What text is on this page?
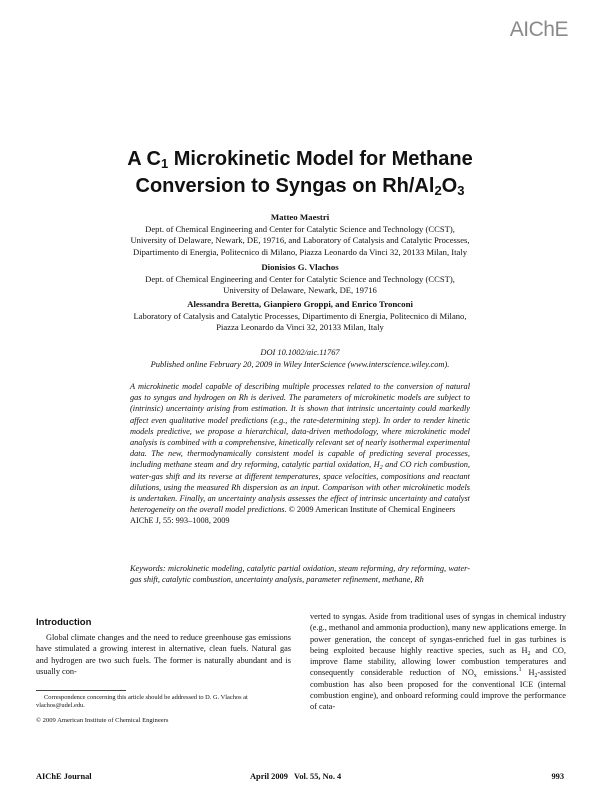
AIChE
A $C_1$ Microkinetic Model for Methane
Conversion to Syngas on $Rh/Al_2O_3$
Matteo Maestri
Dept. of Chemical Engineering and Center for Catalytic Science and Technology (CCST),
University of Delaware, Newark, DE, 19716, and Laboratory of Catalysis and Catalytic Processes,
Dipartimento di Energia, Politecnico di Milano, Piazza Leonardo da Vinci 32, 20133 Milan, Italy
Dionisios G. Vlachos
Dept. of Chemical Engineering and Center for Catalytic Science and Technology (CCST),
University of Delaware, Newark, DE, 19716
Alessandra Beretta, Gianpiero Groppi, and Enrico Tronconi
Laboratory of Catalysis and Catalytic Processes, Dipartimento di Energia, Politecnico di Milano,
Piazza Leonardo da Vinci 32, 20133 Milan, Italy
DOI 10.1002/aic.11767
Published online February 20, 2009 in Wiley InterScience (www.interscience.wiley.com).
A microkinetic model capable of describing multiple processes related to the conversion of natural gas to syngas and hydrogen on Rh is derived. The parameters of microkinetic models are subject to (intrinsic) uncertainty arising from estimation. It is shown that intrinsic uncertainty could markedly affect even qualitative model predictions (e.g., the rate-determining step). In order to render kinetic models predictive, we propose a hierarchical, data-driven methodology, where microkinetic model analysis is combined with a comprehensive, kinetically relevant set of nearly isothermal experimental data. The new, thermodynamically consistent model is capable of predicting several processes, including methane steam and dry reforming, catalytic partial oxidation, $H_2$ and CO rich combustion, water-gas shift and its reverse at different temperatures, space velocities, compositions and reactant dilutions, using the measured Rh dispersion as an input. Comparison with other microkinetic models is undertaken. Finally, an uncertainty analysis assesses the effect of intrinsic uncertainty and catalyst heterogeneity on the overall model predictions. © 2009 American Institute of Chemical Engineers
AIChE J, 55: 993–1008, 2009
Keywords: microkinetic modeling, catalytic partial oxidation, steam reforming, dry reforming, water-gas shift, catalytic combustion, uncertainty analysis, parameter refinement, methane, Rh
Introduction
Global climate changes and the need to reduce greenhouse gas emissions have stimulated a growing interest in alternative, clean fuels. Natural gas and hydrogen are two such fuels. The former is naturally abundant and is usually con-
verted to syngas. Aside from traditional uses of syngas in chemical industry (e.g., methanol and ammonia production), many new applications emerge. In power generation, the concept of syngas-enriched fuel in gas turbines is being exploited because highly reactive species, such as $H_2$ and CO, improve flame stability, allowing lower combustion temperatures and consequently considerable reduction of $NO_x$ emissions.$^1$ $H_2$-assisted combustion has also been proposed for the conventional ICE (internal combustion engine), and onboard reforming could improve the performance of cata-
Correspondence concerning this article should be addressed to D. G. Vlachos at vlachos@udel.edu.
© 2009 American Institute of Chemical Engineers
AIChE Journal	April 2009   Vol. 55, No. 4	993
